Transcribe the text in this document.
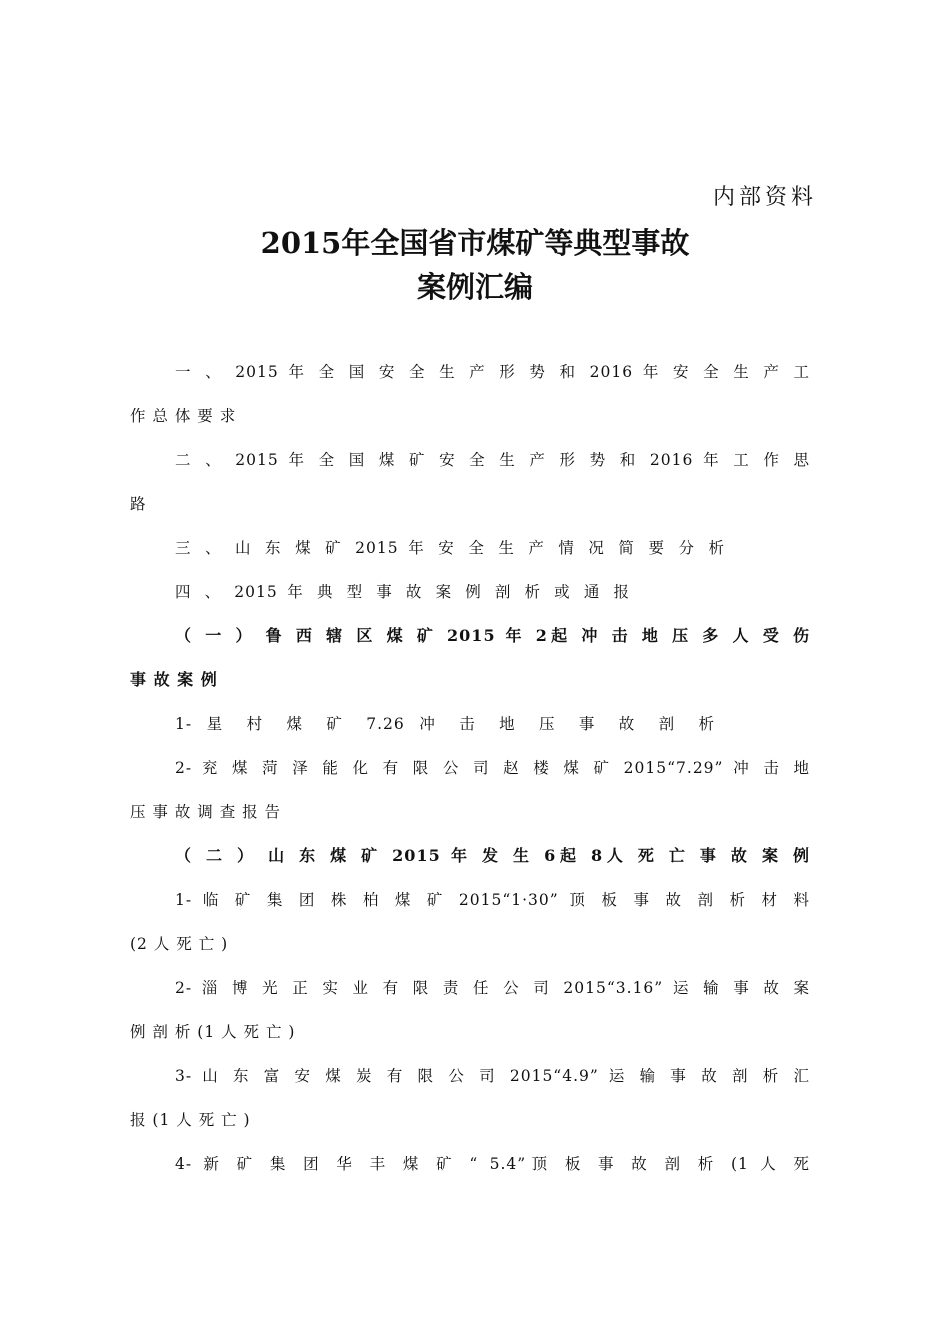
内部资料
2015年全国省市煤矿等典型事故
案例汇编
一 、 2015 年 全 国 安 全 生 产 形 势 和 2016 年 安 全 生 产 工
作 总 体 要 求
二 、 2015 年 全 国 煤 矿 安 全 生 产 形 势 和 2016 年 工 作 思
路
三 、 山 东 煤 矿 2015 年 安 全 生 产 情 况 简 要 分 析
四 、 2015 年 典 型 事 故 案 例 剖 析 或 通 报
（ 一 ） 鲁 西 辖 区 煤 矿 2015 年 2起 冲 击 地 压 多 人 受 伤
事 故 案 例
1- 星 村 煤 矿 7.26 冲 击 地 压 事 故 剖 析
2- 兖 煤 菏 泽 能 化 有 限 公 司 赵 楼 煤 矿 2015“7.29” 冲 击 地
压 事 故 调 查 报 告
（ 二 ） 山 东 煤 矿 2015 年 发 生 6起 8人 死 亡 事 故 案 例
1- 临 矿 集 团 株 柏 煤 矿 2015“1·30” 顶 板 事 故 剖 析 材 料
(2 人 死 亡 )
2- 淄 博 光 正 实 业 有 限 责 任 公 司 2015“3.16” 运 输 事 故 案
例 剖 析 (1 人 死 亡 )
3- 山 东 富 安 煤 炭 有 限 公 司 2015“4.9” 运 输 事 故 剖 析 汇
报 (1 人 死 亡 )
4- 新 矿 集 团 华 丰 煤 矿 “ 5.4”顶 板 事 故 剖 析 (1 人 死
